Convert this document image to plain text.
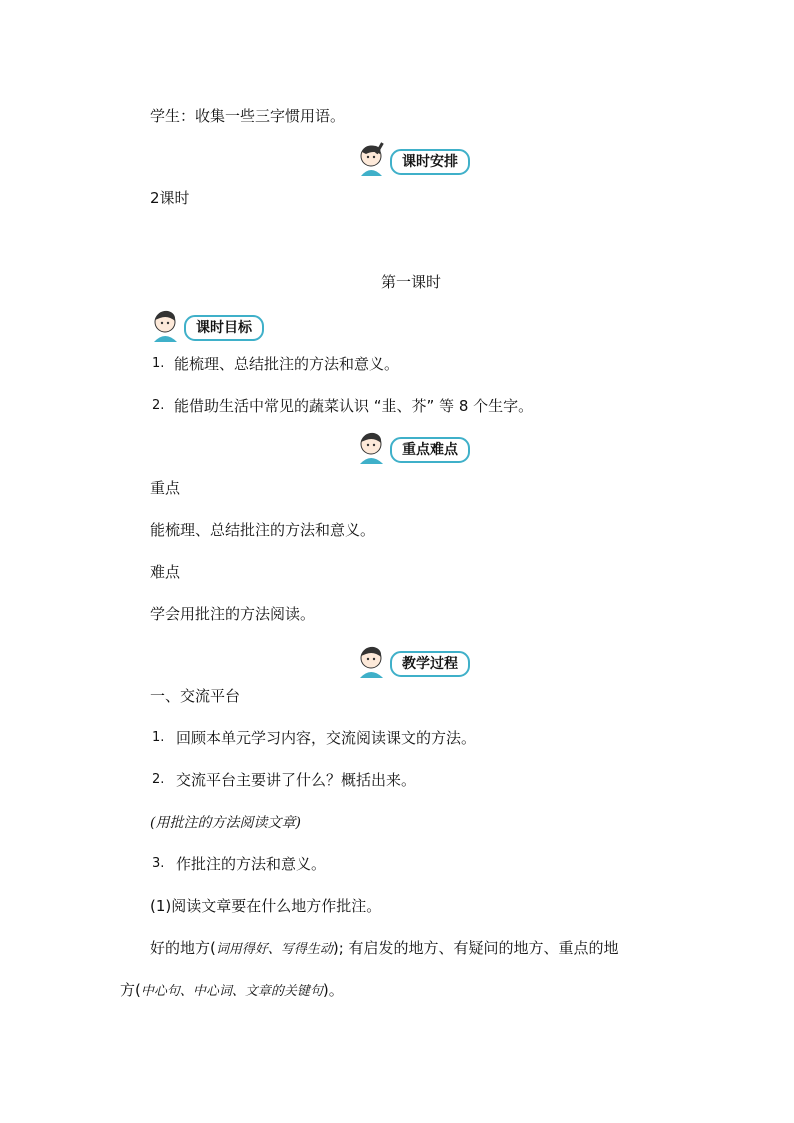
学生：收集一些三字惯用语。
课时安排
2课时
第一课时
课时目标
1. 能梳理、总结批注的方法和意义。
2. 能借助生活中常见的蔬菜认识 “韭、芥” 等 8 个生字。
重点难点
重点
能梳理、总结批注的方法和意义。
难点
学会用批注的方法阅读。
教学过程
一、交流平台
1. 回顾本单元学习内容，交流阅读课文的方法。
2. 交流平台主要讲了什么？概括出来。
(用批注的方法阅读文章)
3. 作批注的方法和意义。
(1)阅读文章要在什么地方作批注。
好的地方(词用得好、写得生动); 有启发的地方、有疑问的地方、重点的地
方(中心句、中心词、文章的关键句)。
